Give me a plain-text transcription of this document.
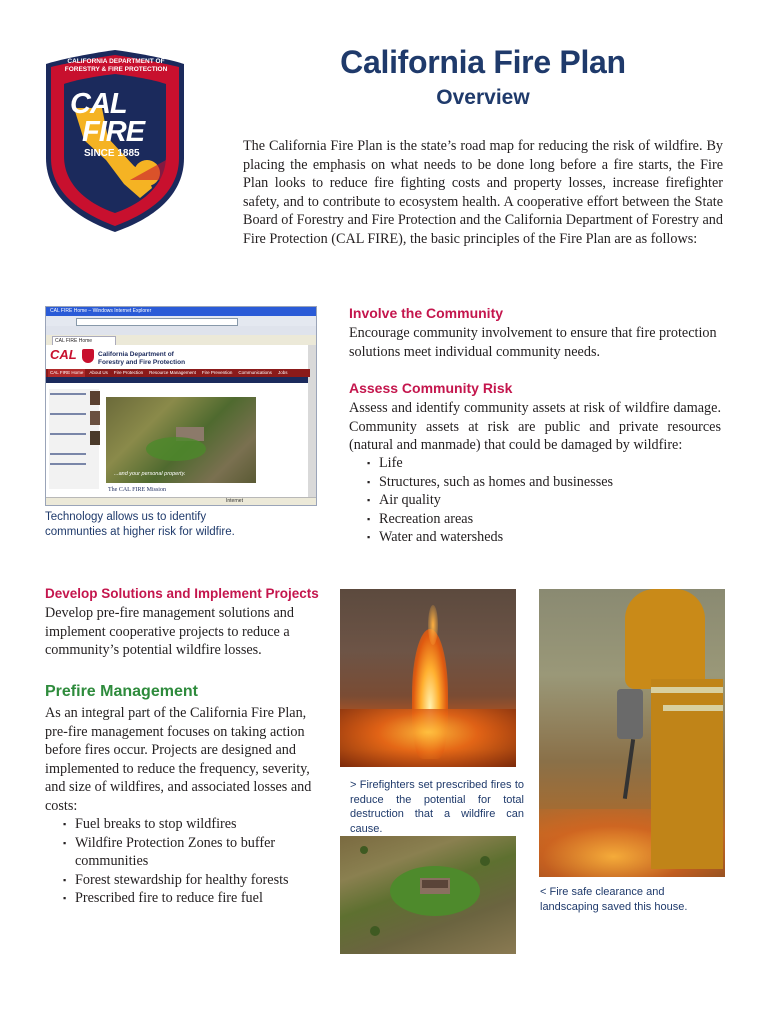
CAL
FIRE
SINCE 1885
CALIFORNIA DEPARTMENT OF FORESTRY & FIRE PROTECTION	California Fire Plan
Overview
The California Fire Plan is the state’s road map for reducing the risk of wildfire. By placing the emphasis on what needs to be done long before a fire starts, the Fire Plan looks to reduce fire fighting costs and property losses, increase firefighter safety, and to contribute to ecosystem health. A cooperative effort between the State Board of Forestry and Fire Protection and the California Department of Forestry and Fire Protection (CAL FIRE), the basic principles of the Fire Plan are as follows:
CAL FIRE Home – Windows Internet Explorer
CAL FIRE Home
CAL	California Department of
Forestry and Fire Protection
CAL FIRE Home	About Us	Fire Protection	Resource Management	Fire Prevention	Communications	Jobs
...and your personal property.
The CAL FIRE Mission
Internet
Technology allows us to identify communties at higher risk for wildfire.
Involve the Community
Encourage community involvement to ensure that fire protection solutions meet individual community needs.
Assess Community Risk
Assess and identify community assets at risk of wildfire damage. Community assets at risk are public and private resources (natural and manmade) that could be damaged by wildfire:
▪ Life
▪ Structures, such as homes and businesses
▪ Air quality
▪ Recreation areas
▪ Water and watersheds
Develop Solutions and Implement Projects
Develop pre-fire management solutions and implement cooperative projects to reduce a community’s potential wildfire losses.
Prefire Management
As an integral part of the California Fire Plan, pre-fire management focuses on taking action before fires occur. Projects are designed and implemented to reduce the frequency, severity, and size of wildfires, and associated losses and costs:
▪ Fuel breaks to stop wildfires
▪ Wildfire Protection Zones to buffer communities
▪ Forest stewardship for healthy forests
▪ Prescribed fire to reduce fire fuel
> Firefighters set prescribed fires to reduce the potential for total destruction that a wildfire can cause.
< Fire safe clearance and landscaping saved this house.
